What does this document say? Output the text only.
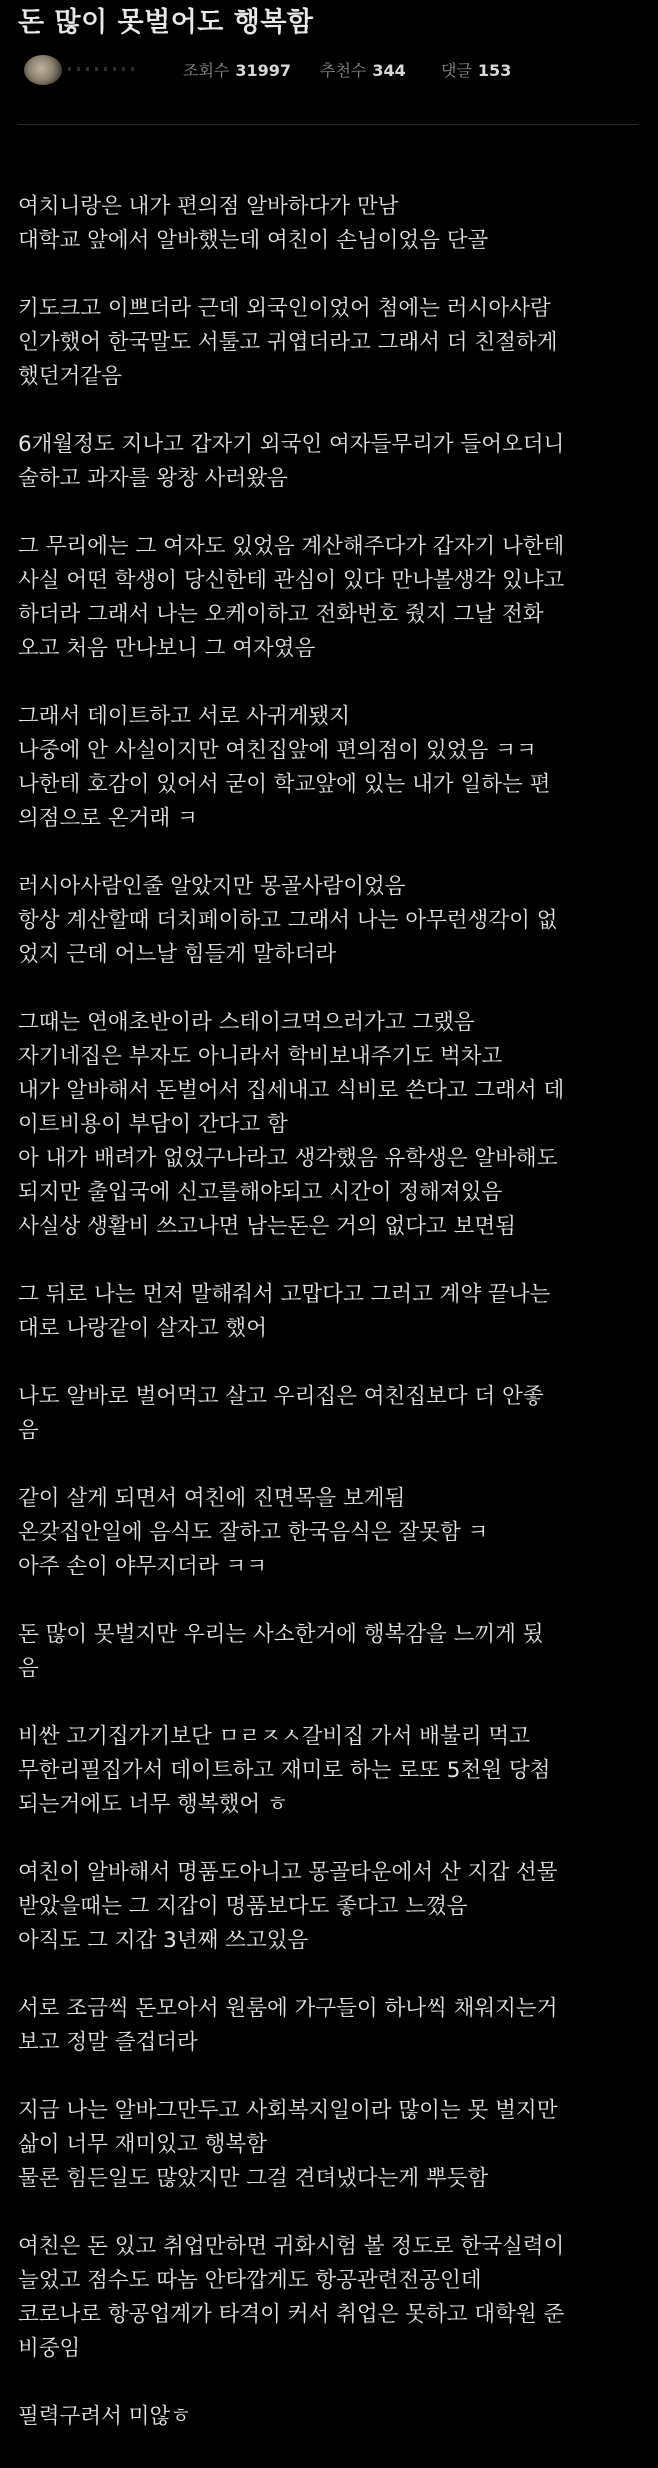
돈 많이 못벌어도 행복함
조회수 31997 추천수 344 댓글 153
여치니랑은 내가 편의점 알바하다가 만남
대학교 앞에서 알바했는데 여친이 손님이었음 단골
키도크고 이쁘더라 근데 외국인이었어 첨에는 러시아사람
인가했어 한국말도 서툴고 귀엽더라고 그래서 더 친절하게
했던거같음
6개월정도 지나고 갑자기 외국인 여자들무리가 들어오더니
술하고 과자를 왕창 사러왔음
그 무리에는 그 여자도 있었음 계산해주다가 갑자기 나한테
사실 어떤 학생이 당신한테 관심이 있다 만나볼생각 있냐고
하더라 그래서 나는 오케이하고 전화번호 줬지 그날 전화
오고 처음 만나보니 그 여자였음
그래서 데이트하고 서로 사귀게됐지
나중에 안 사실이지만 여친집앞에 편의점이 있었음 ㅋㅋ
나한테 호감이 있어서 굳이 학교앞에 있는 내가 일하는 편
의점으로 온거래 ㅋ
러시아사람인줄 알았지만 몽골사람이었음
항상 계산할때 더치페이하고 그래서 나는 아무런생각이 없
었지 근데 어느날 힘들게 말하더라
그때는 연애초반이라 스테이크먹으러가고 그랬음
자기네집은 부자도 아니라서 학비보내주기도 벅차고
내가 알바해서 돈벌어서 집세내고 식비로 쓴다고 그래서 데
이트비용이 부담이 간다고 함
아 내가 배려가 없었구나라고 생각했음 유학생은 알바해도
되지만 출입국에 신고를해야되고 시간이 정해져있음
사실상 생활비 쓰고나면 남는돈은 거의 없다고 보면됨
그 뒤로 나는 먼저 말해줘서 고맙다고 그러고 계약 끝나는
대로 나랑같이 살자고 했어
나도 알바로 벌어먹고 살고 우리집은 여친집보다 더 안좋
음
같이 살게 되면서 여친에 진면목을 보게됨
온갖집안일에 음식도 잘하고 한국음식은 잘못함 ㅋ
아주 손이 야무지더라 ㅋㅋ
돈 많이 못벌지만 우리는 사소한거에 행복감을 느끼게 됬
음
비싼 고기집가기보단 ㅁㄹㅈㅅ갈비집 가서 배불리 먹고
무한리필집가서 데이트하고 재미로 하는 로또 5천원 당첨
되는거에도 너무 행복했어 ㅎ
여친이 알바해서 명품도아니고 몽골타운에서 산 지갑 선물
받았을때는 그 지갑이 명품보다도 좋다고 느꼈음
아직도 그 지갑 3년째 쓰고있음
서로 조금씩 돈모아서 원룸에 가구들이 하나씩 채워지는거
보고 정말 즐겁더라
지금 나는 알바그만두고 사회복지일이라 많이는 못 벌지만
삶이 너무 재미있고 행복함
물론 힘든일도 많았지만 그걸 견뎌냈다는게 뿌듯함
여친은 돈 있고 취업만하면 귀화시험 볼 정도로 한국실력이
늘었고 점수도 따놈 안타깝게도 항공관련전공인데
코로나로 항공업계가 타격이 커서 취업은 못하고 대학원 준
비중임
필력구려서 미않ㅎ
